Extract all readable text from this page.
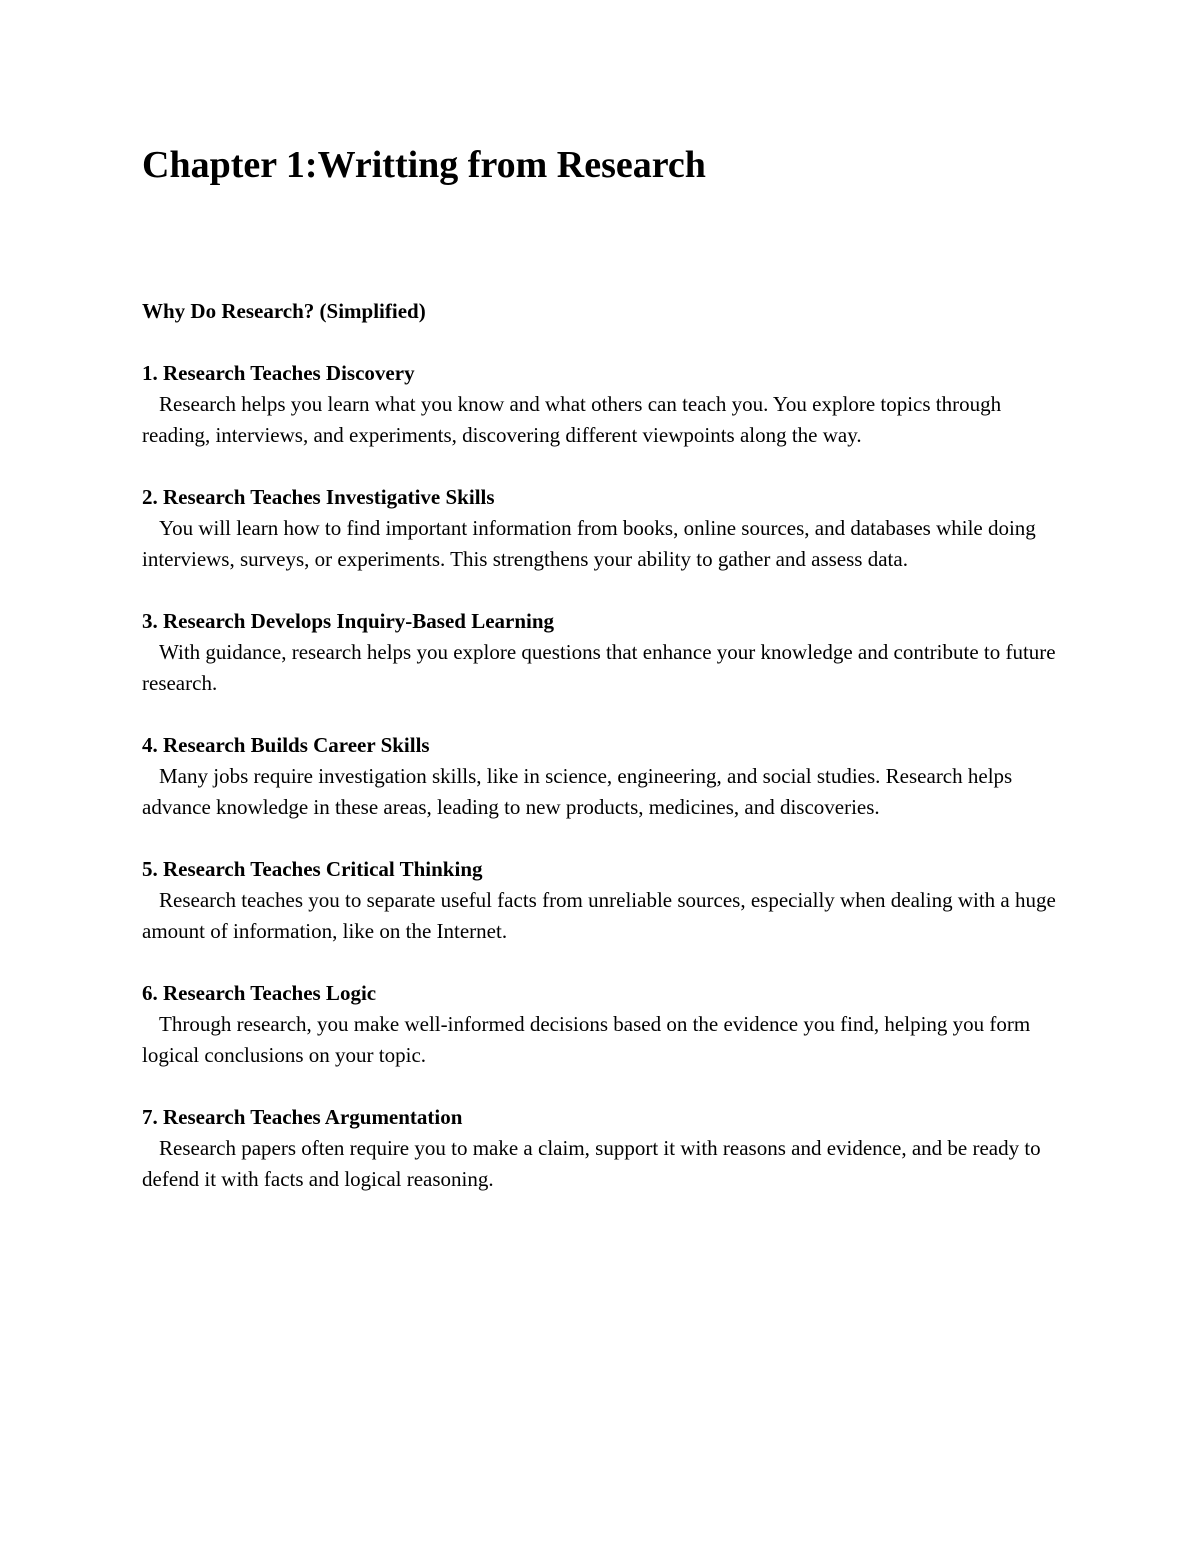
Chapter 1:Writting from Research

Why Do Research? (Simplified)

1. Research Teaches Discovery

Research helps you learn what you know and what others can teach you. You explore topics through reading, interviews, and experiments, discovering different viewpoints along the way.

2. Research Teaches Investigative Skills

You will learn how to find important information from books, online sources, and databases while doing interviews, surveys, or experiments. This strengthens your ability to gather and assess data.

3. Research Develops Inquiry-Based Learning

With guidance, research helps you explore questions that enhance your knowledge and contribute to future research.

4. Research Builds Career Skills

Many jobs require investigation skills, like in science, engineering, and social studies. Research helps advance knowledge in these areas, leading to new products, medicines, and discoveries.

5. Research Teaches Critical Thinking

Research teaches you to separate useful facts from unreliable sources, especially when dealing with a huge amount of information, like on the Internet.

6. Research Teaches Logic

Through research, you make well-informed decisions based on the evidence you find, helping you form logical conclusions on your topic.

7. Research Teaches Argumentation

Research papers often require you to make a claim, support it with reasons and evidence, and be ready to defend it with facts and logical reasoning.
